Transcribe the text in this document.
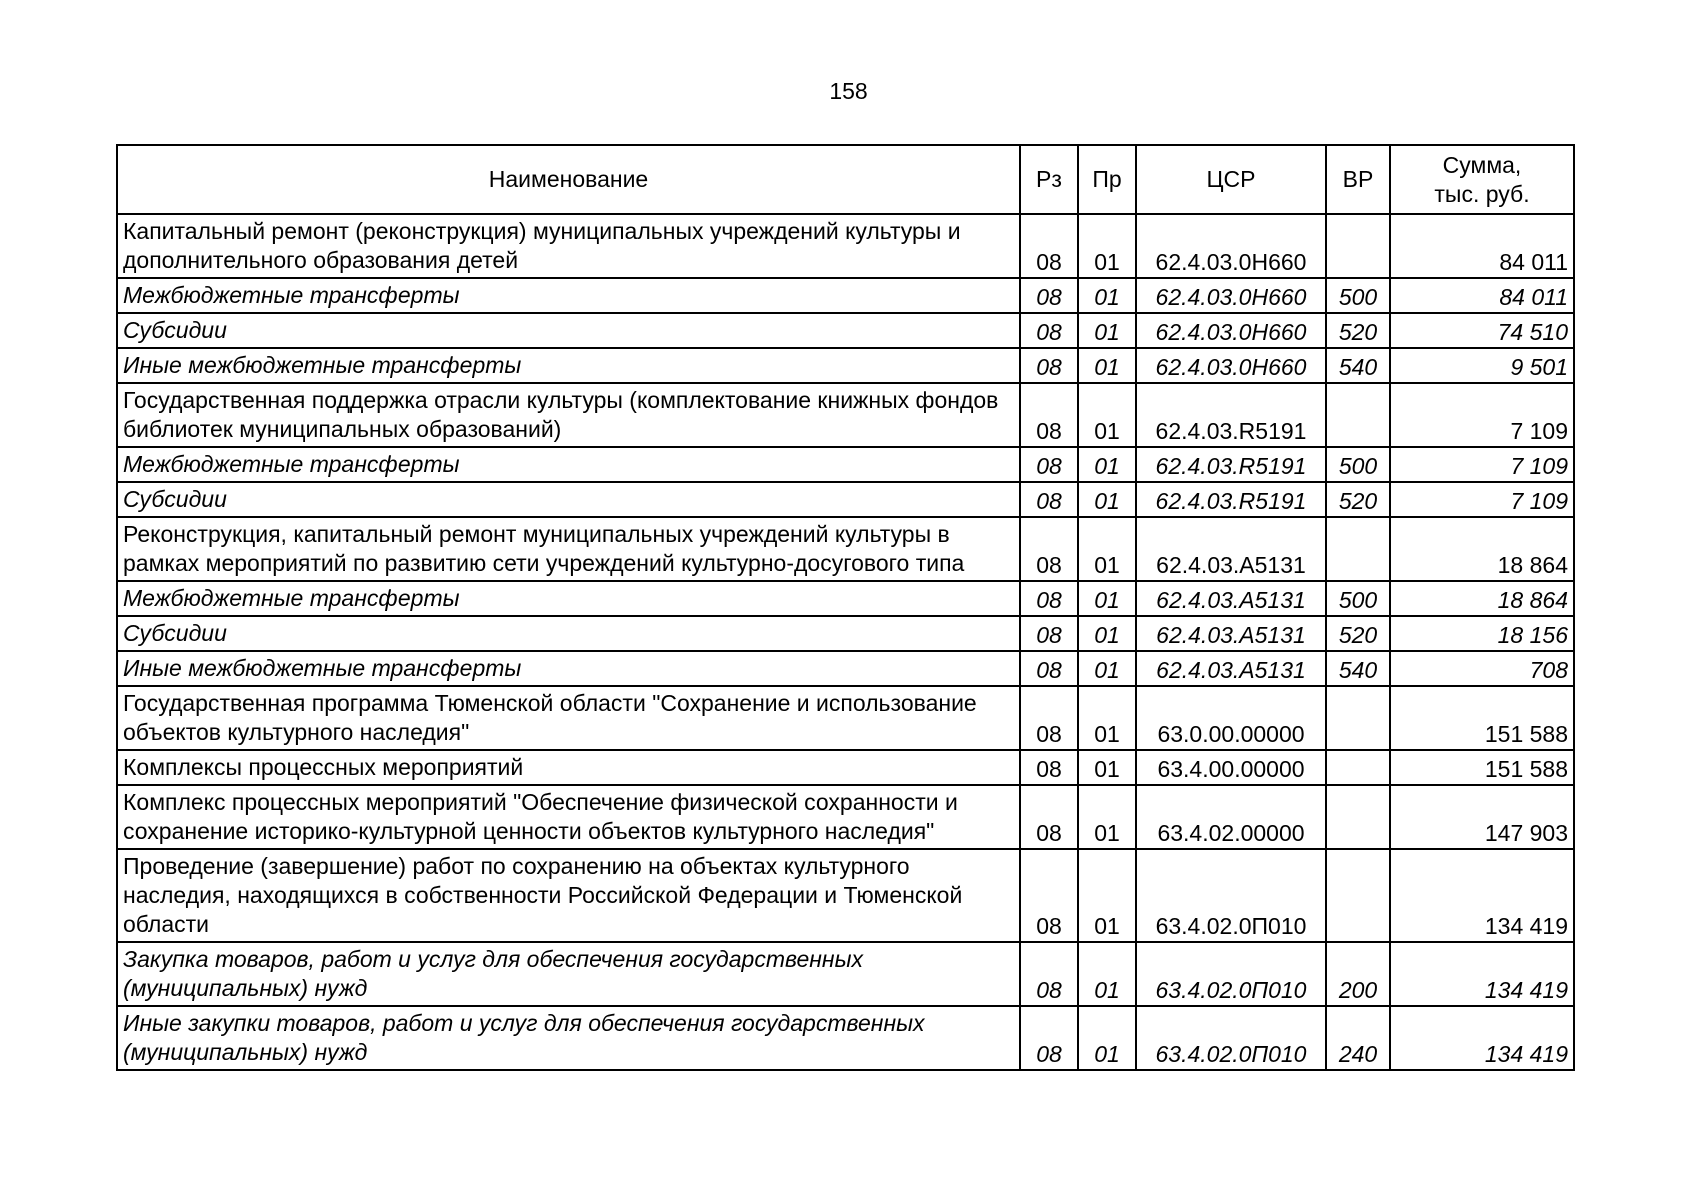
158
Наименование	Рз	Пр	ЦСР	ВР	Сумма,
тыс. руб.

Капитальный ремонт (реконструкция) муниципальных учреждений культуры и дополнительного образования детей	08	01	62.4.03.0Н660		84 011
Межбюджетные трансферты	08	01	62.4.03.0Н660	500	84 011
Субсидии	08	01	62.4.03.0Н660	520	74 510
Иные межбюджетные трансферты	08	01	62.4.03.0Н660	540	9 501
Государственная поддержка отрасли культуры (комплектование книжных фондов библиотек муниципальных образований)	08	01	62.4.03.R5191		7 109
Межбюджетные трансферты	08	01	62.4.03.R5191	500	7 109
Субсидии	08	01	62.4.03.R5191	520	7 109
Реконструкция, капитальный ремонт муниципальных учреждений культуры в рамках мероприятий по развитию сети учреждений культурно-досугового типа	08	01	62.4.03.А5131		18 864
Межбюджетные трансферты	08	01	62.4.03.А5131	500	18 864
Субсидии	08	01	62.4.03.А5131	520	18 156
Иные межбюджетные трансферты	08	01	62.4.03.А5131	540	708
Государственная программа Тюменской области "Сохранение и использование объектов культурного наследия"	08	01	63.0.00.00000		151 588
Комплексы процессных мероприятий	08	01	63.4.00.00000		151 588
Комплекс процессных мероприятий "Обеспечение физической сохранности и сохранение историко-культурной ценности объектов культурного наследия"	08	01	63.4.02.00000		147 903
Проведение (завершение) работ по сохранению на объектах культурного наследия, находящихся в собственности Российской Федерации и Тюменской области	08	01	63.4.02.0П010		134 419
Закупка товаров, работ и услуг для обеспечения государственных (муниципальных) нужд	08	01	63.4.02.0П010	200	134 419
Иные закупки товаров, работ и услуг для обеспечения государственных (муниципальных) нужд	08	01	63.4.02.0П010	240	134 419
